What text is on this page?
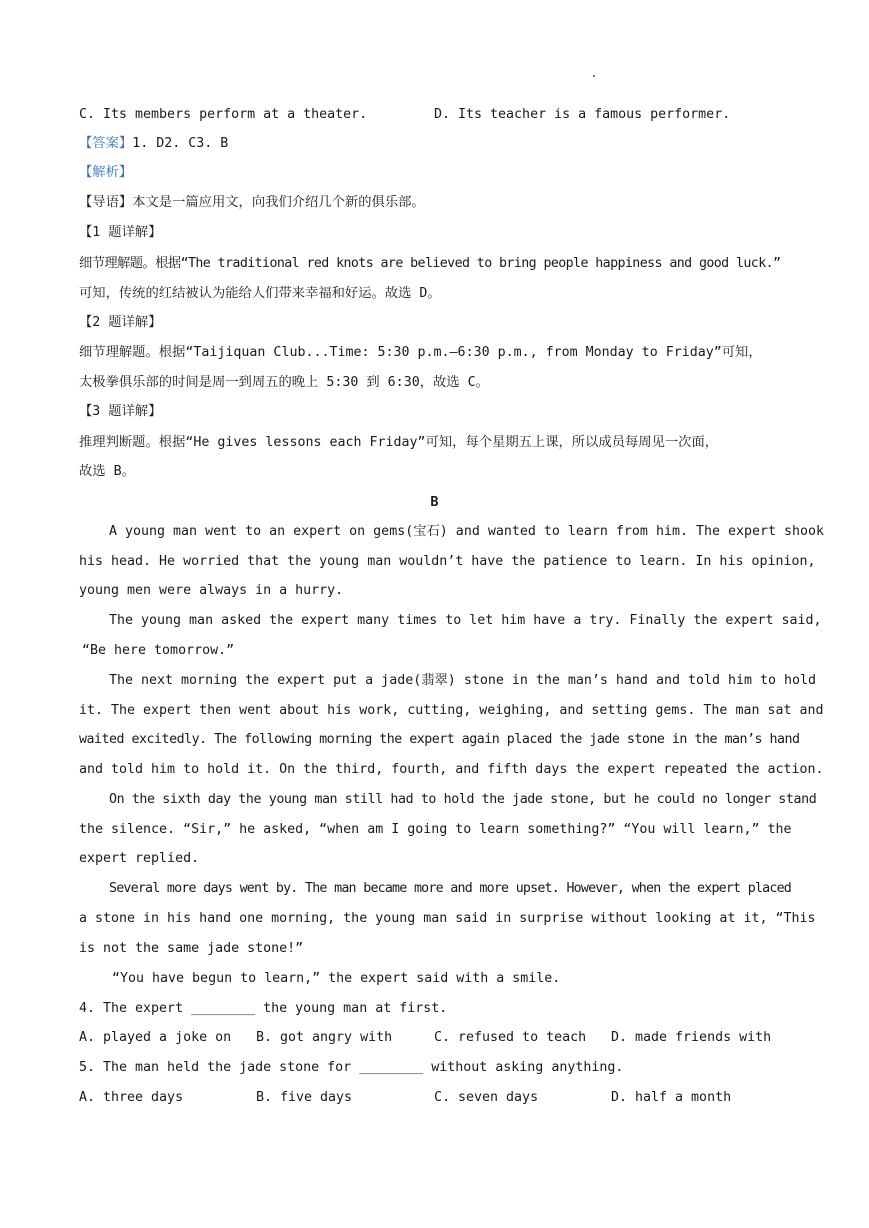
.
C. Its members perform at a theater.	D. Its teacher is a famous performer.
【答案】1. D2. C3. B
【解析】
【导语】本文是一篇应用文，向我们介绍几个新的俱乐部。
【1 题详解】
细节理解题。根据“The traditional red knots are believed to bring people happiness and good luck.”
可知，传统的红结被认为能给人们带来幸福和好运。故选 D。
【2 题详解】
细节理解题。根据“Taijiquan Club...Time: 5:30 p.m.—6:30 p.m., from Monday to Friday”可知，
太极拳俱乐部的时间是周一到周五的晚上 5:30 到 6:30，故选 C。
【3 题详解】
推理判断题。根据“He gives lessons each Friday”可知，每个星期五上课，所以成员每周见一次面，
故选 B。
B
A young man went to an expert on gems(宝石) and wanted to learn from him. The expert shook
his head. He worried that the young man wouldn’t have the patience to learn. In his opinion,
young men were always in a hurry.
The young man asked the expert many times to let him have a try. Finally the expert said,
“Be here tomorrow.”
The next morning the expert put a jade(翡翠) stone in the man’s hand and told him to hold
it. The expert then went about his work, cutting, weighing, and setting gems. The man sat and
waited excitedly. The following morning the expert again placed the jade stone in the man’s hand
and told him to hold it. On the third, fourth, and fifth days the expert repeated the action.
On the sixth day the young man still had to hold the jade stone, but he could no longer stand
the silence. “Sir,” he asked, “when am I going to learn something?” “You will learn,” the
expert replied.
Several more days went by. The man became more and more upset. However, when the expert placed
a stone in his hand one morning, the young man said in surprise without looking at it, “This
is not the same jade stone!”
“You have begun to learn,” the expert said with a smile.
4. The expert ________ the young man at first.
A. played a joke on B. got angry with	C. refused to teach D. made friends with
5. The man held the jade stone for ________ without asking anything.
A. three days	B. five days	C. seven days	D. half a month
